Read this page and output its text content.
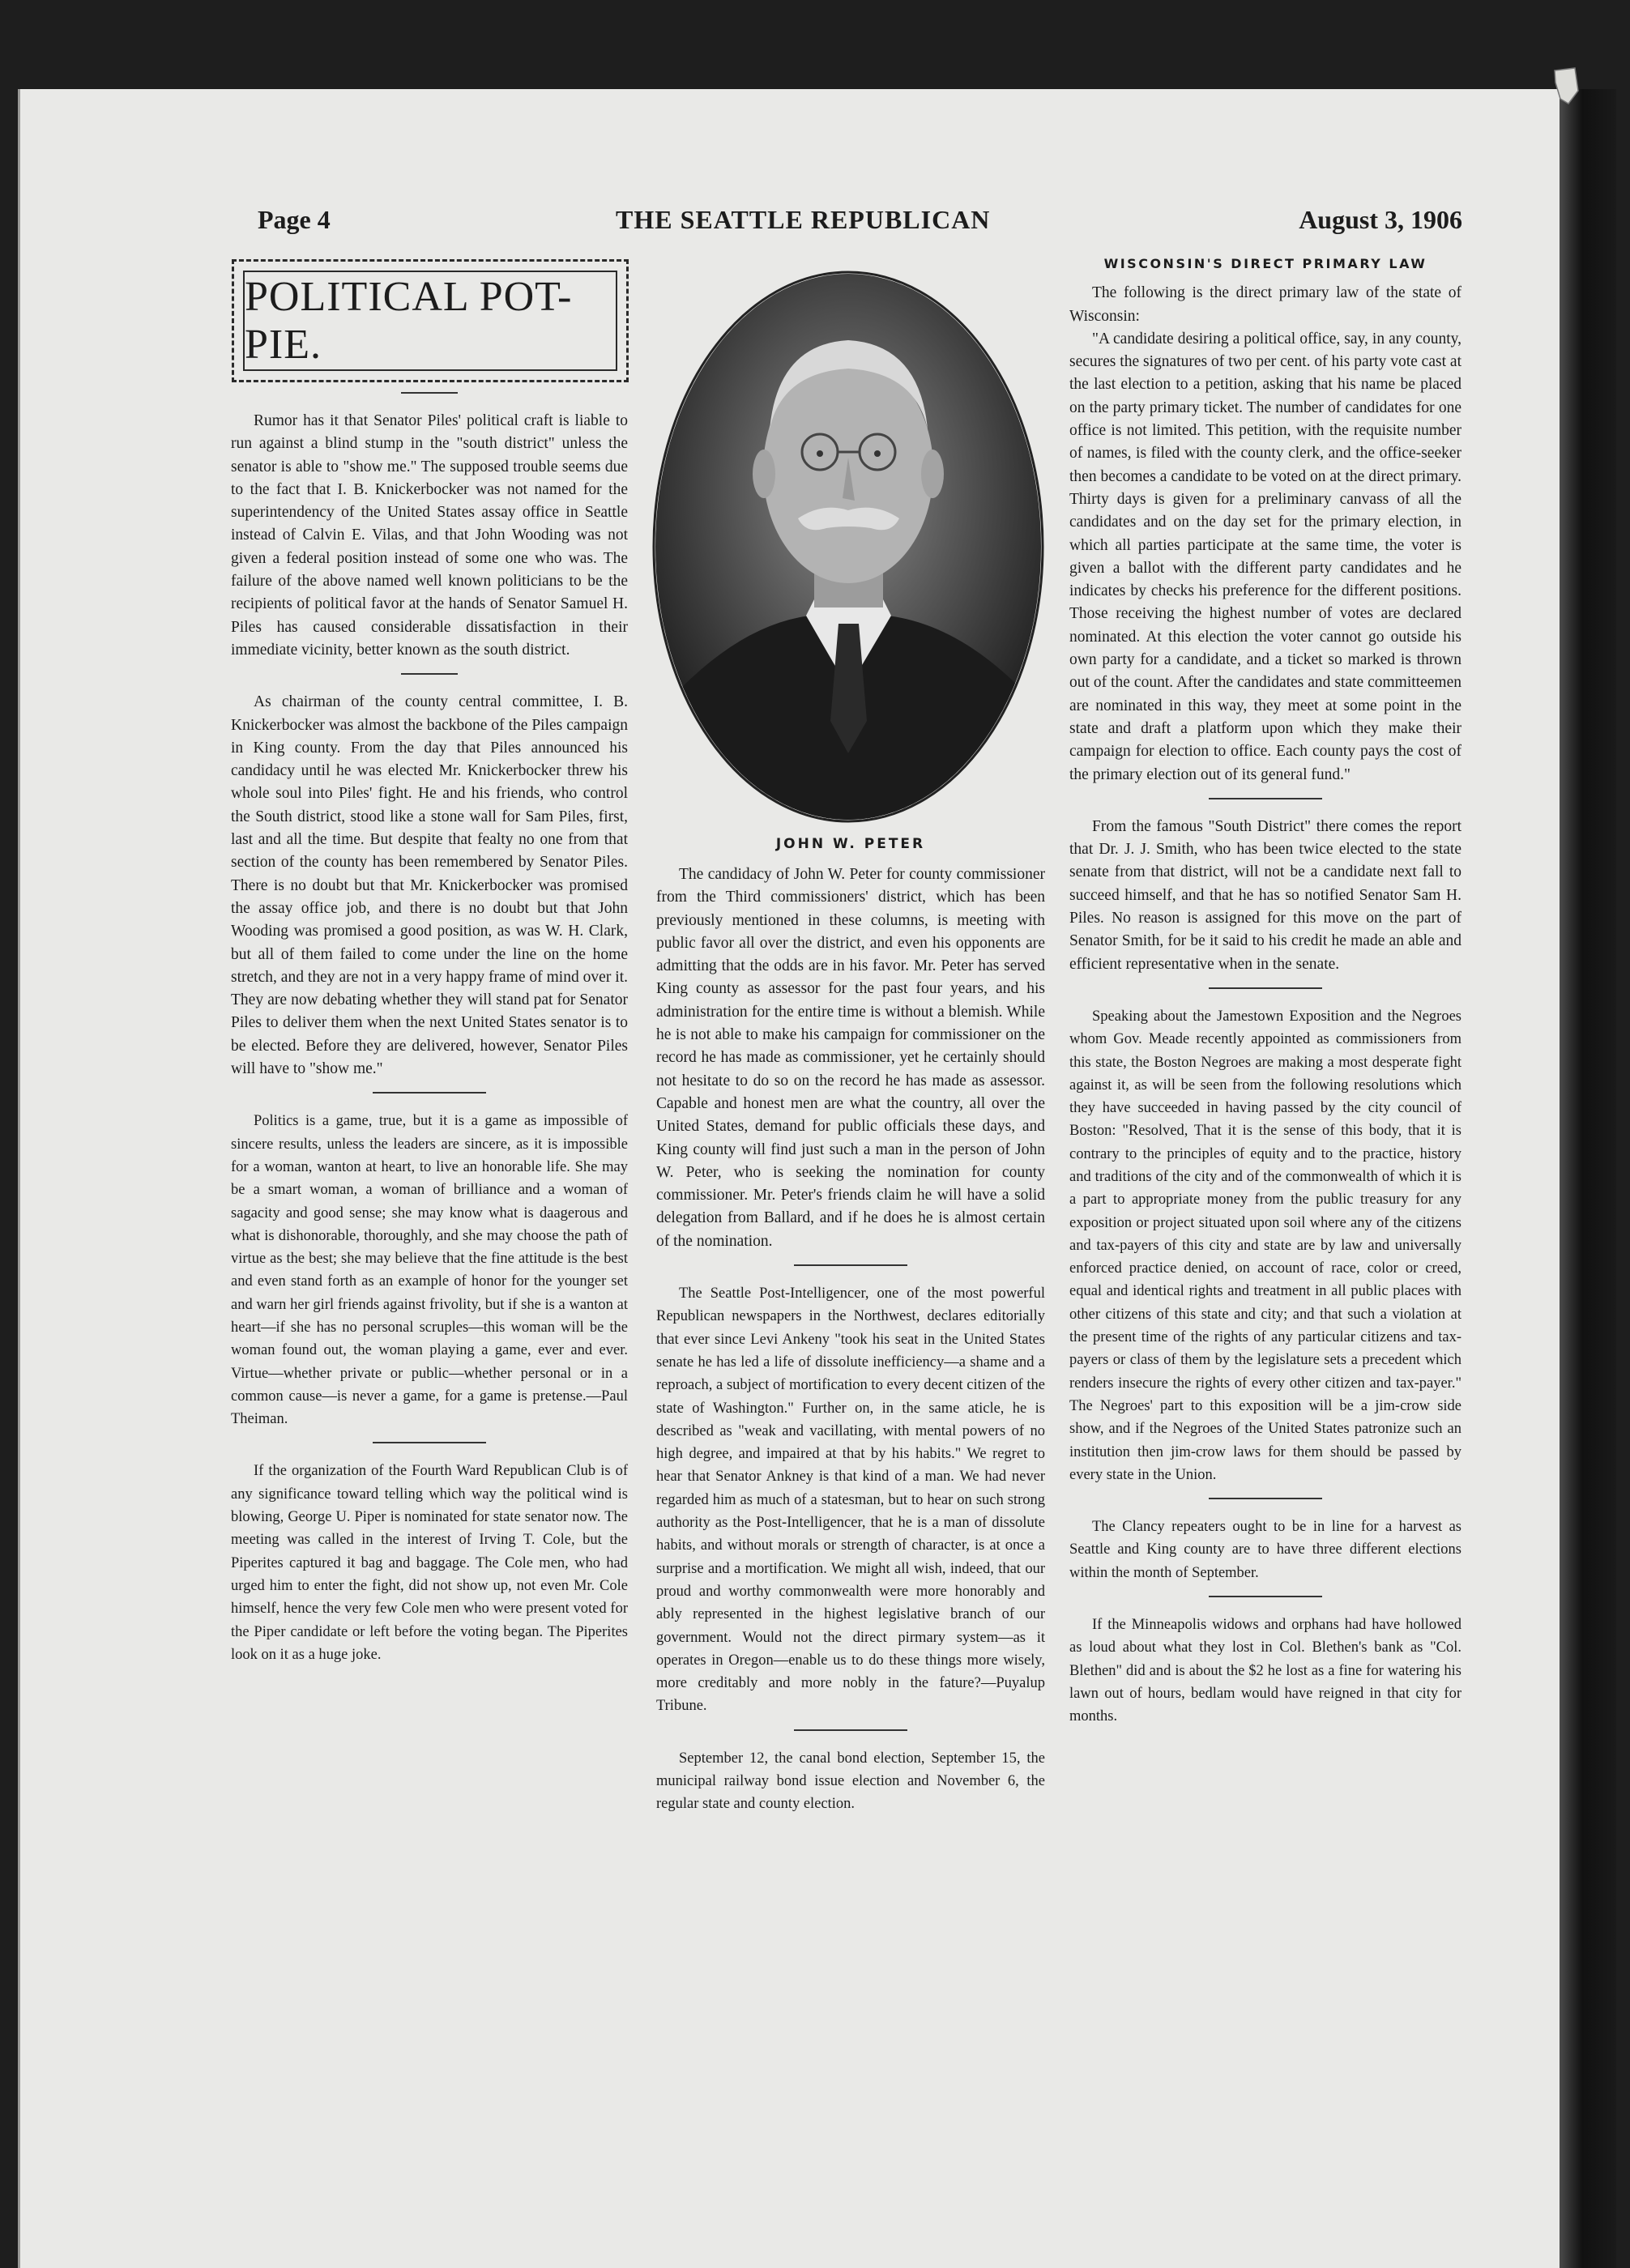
Page 4	THE SEATTLE REPUBLICAN	August 3, 1906
POLITICAL POT-PIE.

Rumor has it that Senator Piles' political craft is liable to run against a blind stump in the "south district" unless the senator is able to "show me." The supposed trouble seems due to the fact that I. B. Knickerbocker was not named for the superintendency of the United States assay office in Seattle instead of Calvin E. Vilas, and that John Wooding was not given a federal position instead of some one who was. The failure of the above named well known politicians to be the recipients of political favor at the hands of Senator Samuel H. Piles has caused considerable dissatisfaction in their immediate vicinity, better known as the south district.

As chairman of the county central committee, I. B. Knickerbocker was almost the backbone of the Piles campaign in King county. From the day that Piles announced his candidacy until he was elected Mr. Knickerbocker threw his whole soul into Piles' fight. He and his friends, who control the South district, stood like a stone wall for Sam Piles, first, last and all the time. But despite that fealty no one from that section of the county has been remembered by Senator Piles. There is no doubt but that Mr. Knickerbocker was promised the assay office job, and there is no doubt but that John Wooding was promised a good position, as was W. H. Clark, but all of them failed to come under the line on the home stretch, and they are not in a very happy frame of mind over it. They are now debating whether they will stand pat for Senator Piles to deliver them when the next United States senator is to be elected. Before they are delivered, however, Senator Piles will have to "show me."

Politics is a game, true, but it is a game as impossible of sincere results, unless the leaders are sincere, as it is impossible for a woman, wanton at heart, to live an honorable life. She may be a smart woman, a woman of brilliance and a woman of sagacity and good sense; she may know what is daagerous and what is dishonorable, thoroughly, and she may choose the path of virtue as the best; she may believe that the fine attitude is the best and even stand forth as an example of honor for the younger set and warn her girl friends against frivolity, but if she is a wanton at heart—if she has no personal scruples—this woman will be the woman found out, the woman playing a game, ever and ever. Virtue—whether private or public—whether personal or in a common cause—is never a game, for a game is pretense.—Paul Theiman.

If the organization of the Fourth Ward Republican Club is of any significance toward telling which way the political wind is blowing, George U. Piper is nominated for state senator now. The meeting was called in the interest of Irving T. Cole, but the Piperites captured it bag and baggage. The Cole men, who had urged him to enter the fight, did not show up, not even Mr. Cole himself, hence the very few Cole men who were present voted for the Piper candidate or left before the voting began. The Piperites look on it as a huge joke.

JOHN W. PETER

The candidacy of John W. Peter for county commissioner from the Third commissioners' district, which has been previously mentioned in these columns, is meeting with public favor all over the district, and even his opponents are admitting that the odds are in his favor. Mr. Peter has served King county as assessor for the past four years, and his administration for the entire time is without a blemish. While he is not able to make his campaign for commissioner on the record he has made as commissioner, yet he certainly should not hesitate to do so on the record he has made as assessor. Capable and honest men are what the country, all over the United States, demand for public officials these days, and King county will find just such a man in the person of John W. Peter, who is seeking the nomination for county commissioner. Mr. Peter's friends claim he will have a solid delegation from Ballard, and if he does he is almost certain of the nomination.

The Seattle Post-Intelligencer, one of the most powerful Republican newspapers in the Northwest, declares editorially that ever since Levi Ankeny "took his seat in the United States senate he has led a life of dissolute inefficiency—a shame and a reproach, a subject of mortification to every decent citizen of the state of Washington." Further on, in the same aticle, he is described as "weak and vacillating, with mental powers of no high degree, and impaired at that by his habits." We regret to hear that Senator Ankney is that kind of a man. We had never regarded him as much of a statesman, but to hear on such strong authority as the Post-Intelligencer, that he is a man of dissolute habits, and without morals or strength of character, is at once a surprise and a mortification. We might all wish, indeed, that our proud and worthy commonwealth were more honorably and ably represented in the highest legislative branch of our government. Would not the direct pirmary system—as it operates in Oregon—enable us to do these things more wisely, more creditably and more nobly in the fature?—Puyalup Tribune.

September 12, the canal bond election, September 15, the municipal railway bond issue election and November 6, the regular state and county election.

WISCONSIN'S DIRECT PRIMARY LAW

The following is the direct primary law of the state of Wisconsin:

"A candidate desiring a political office, say, in any county, secures the signatures of two per cent. of his party vote cast at the last election to a petition, asking that his name be placed on the party primary ticket. The number of candidates for one office is not limited. This petition, with the requisite number of names, is filed with the county clerk, and the office-seeker then becomes a candidate to be voted on at the direct primary. Thirty days is given for a preliminary canvass of all the candidates and on the day set for the primary election, in which all parties participate at the same time, the voter is given a ballot with the different party candidates and he indicates by checks his preference for the different positions. Those receiving the highest number of votes are declared nominated. At this election the voter cannot go outside his own party for a candidate, and a ticket so marked is thrown out of the count. After the candidates and state committeemen are nominated in this way, they meet at some point in the state and draft a platform upon which they make their campaign for election to office. Each county pays the cost of the primary election out of its general fund."

From the famous "South District" there comes the report that Dr. J. J. Smith, who has been twice elected to the state senate from that district, will not be a candidate next fall to succeed himself, and that he has so notified Senator Sam H. Piles. No reason is assigned for this move on the part of Senator Smith, for be it said to his credit he made an able and efficient representative when in the senate.

Speaking about the Jamestown Exposition and the Negroes whom Gov. Meade recently appointed as commissioners from this state, the Boston Negroes are making a most desperate fight against it, as will be seen from the following resolutions which they have succeeded in having passed by the city council of Boston: "Resolved, That it is the sense of this body, that it is contrary to the principles of equity and to the practice, history and traditions of the city and of the commonwealth of which it is a part to appropriate money from the public treasury for any exposition or project situated upon soil where any of the citizens and tax-payers of this city and state are by law and universally enforced practice denied, on account of race, color or creed, equal and identical rights and treatment in all public places with other citizens of this state and city; and that such a violation at the present time of the rights of any particular citizens and tax-payers or class of them by the legislature sets a precedent which renders insecure the rights of every other citizen and tax-payer." The Negroes' part to this exposition will be a jim-crow side show, and if the Negroes of the United States patronize such an institution then jim-crow laws for them should be passed by every state in the Union.

The Clancy repeaters ought to be in line for a harvest as Seattle and King county are to have three different elections within the month of September.

If the Minneapolis widows and orphans had have hollowed as loud about what they lost in Col. Blethen's bank as "Col. Blethen" did and is about the $2 he lost as a fine for watering his lawn out of hours, bedlam would have reigned in that city for months.
